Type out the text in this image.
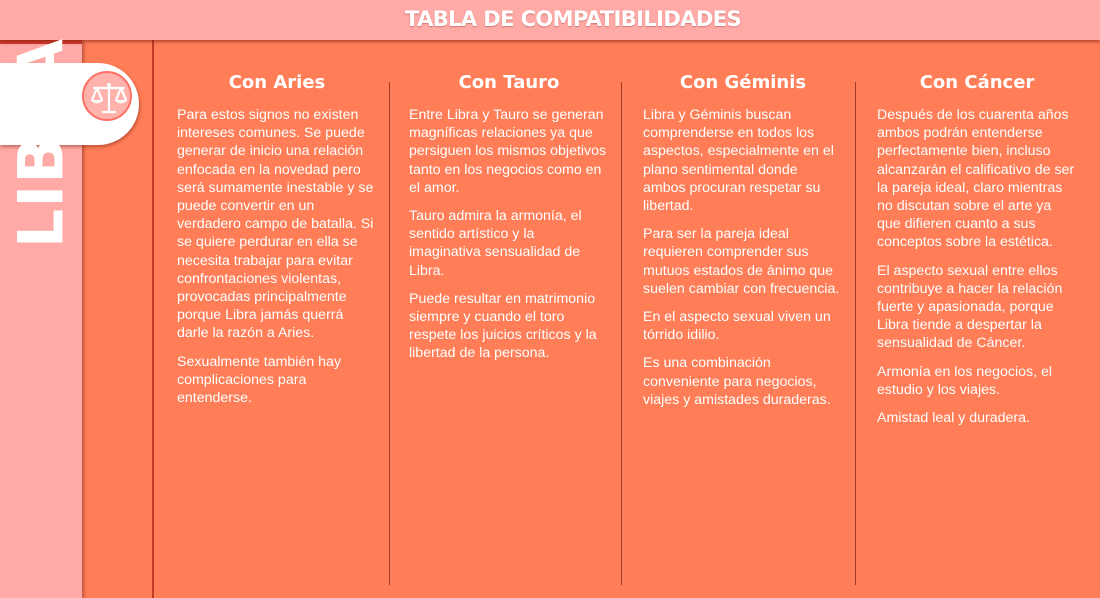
TABLA DE COMPATIBILIDADES
LIBRA	Con Aries

Para estos signos no existen intereses comunes. Se puede generar de inicio una relación enfocada en la novedad pero será sumamente inestable y se puede convertir en un verdadero campo de batalla. Si se quiere perdurar en ella se necesita trabajar para evitar confrontaciones violentas, provocadas principalmente porque Libra jamás querrá darle la razón a Aries.

Sexualmente también hay complicaciones para entenderse.

Con Tauro

Entre Libra y Tauro se generan magníficas relaciones ya que persiguen los mismos objetivos tanto en los negocios como en el amor.

Tauro admira la armonía, el sentido artístico y la imaginativa sensualidad de Libra.

Puede resultar en matrimonio siempre y cuando el toro respete los juicios críticos y la libertad de la persona.

Con Géminis

Libra y Géminis buscan comprenderse en todos los aspectos, especialmente en el plano sentimental donde ambos procuran respetar su libertad.

Para ser la pareja ideal requieren comprender sus mutuos estados de ánimo que suelen cambiar con frecuencia.

En el aspecto sexual viven un tórrido idilio.

Es una combinación conveniente para negocios, viajes y amistades duraderas.

Con Cáncer

Después de los cuarenta años ambos podrán entenderse perfectamente bien, incluso alcanzarán el calificativo de ser la pareja ideal, claro mientras no discutan sobre el arte ya que difieren cuanto a sus conceptos sobre la estética.

El aspecto sexual entre ellos contribuye a hacer la relación fuerte y apasionada, porque Libra tiende a despertar la sensualidad de Cáncer.

Armonía en los negocios, el estudio y los viajes.

Amistad leal y duradera.
